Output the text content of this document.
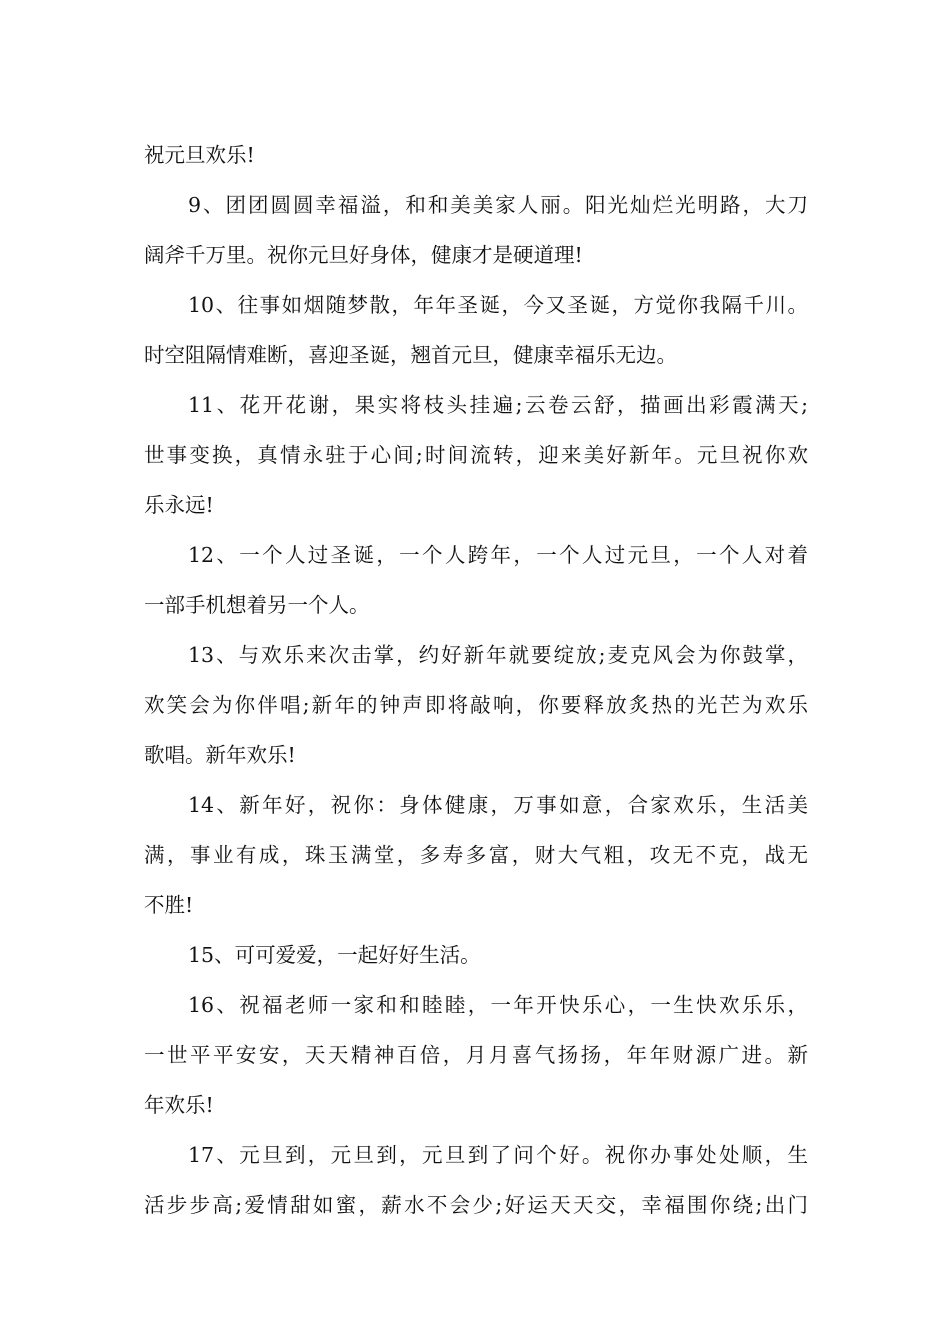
祝元旦欢乐!
9、团团圆圆幸福溢，和和美美家人丽。阳光灿烂光明路，大刀
阔斧千万里。祝你元旦好身体，健康才是硬道理!
10、往事如烟随梦散，年年圣诞，今又圣诞，方觉你我隔千川。
时空阻隔情难断，喜迎圣诞，翘首元旦，健康幸福乐无边。
11、花开花谢，果实将枝头挂遍;云卷云舒，描画出彩霞满天;
世事变换，真情永驻于心间;时间流转，迎来美好新年。元旦祝你欢
乐永远!
12、一个人过圣诞，一个人跨年，一个人过元旦，一个人对着
一部手机想着另一个人。
13、与欢乐来次击掌，约好新年就要绽放;麦克风会为你鼓掌，
欢笑会为你伴唱;新年的钟声即将敲响，你要释放炙热的光芒为欢乐
歌唱。新年欢乐!
14、新年好，祝你：身体健康，万事如意，合家欢乐，生活美
满，事业有成，珠玉满堂，多寿多富，财大气粗，攻无不克，战无
不胜!
15、可可爱爱，一起好好生活。
16、祝福老师一家和和睦睦，一年开快乐心，一生快欢乐乐，
一世平平安安，天天精神百倍，月月喜气扬扬，年年财源广进。新
年欢乐!
17、元旦到，元旦到，元旦到了问个好。祝你办事处处顺，生
活步步高;爱情甜如蜜，薪水不会少;好运天天交，幸福围你绕;出门
